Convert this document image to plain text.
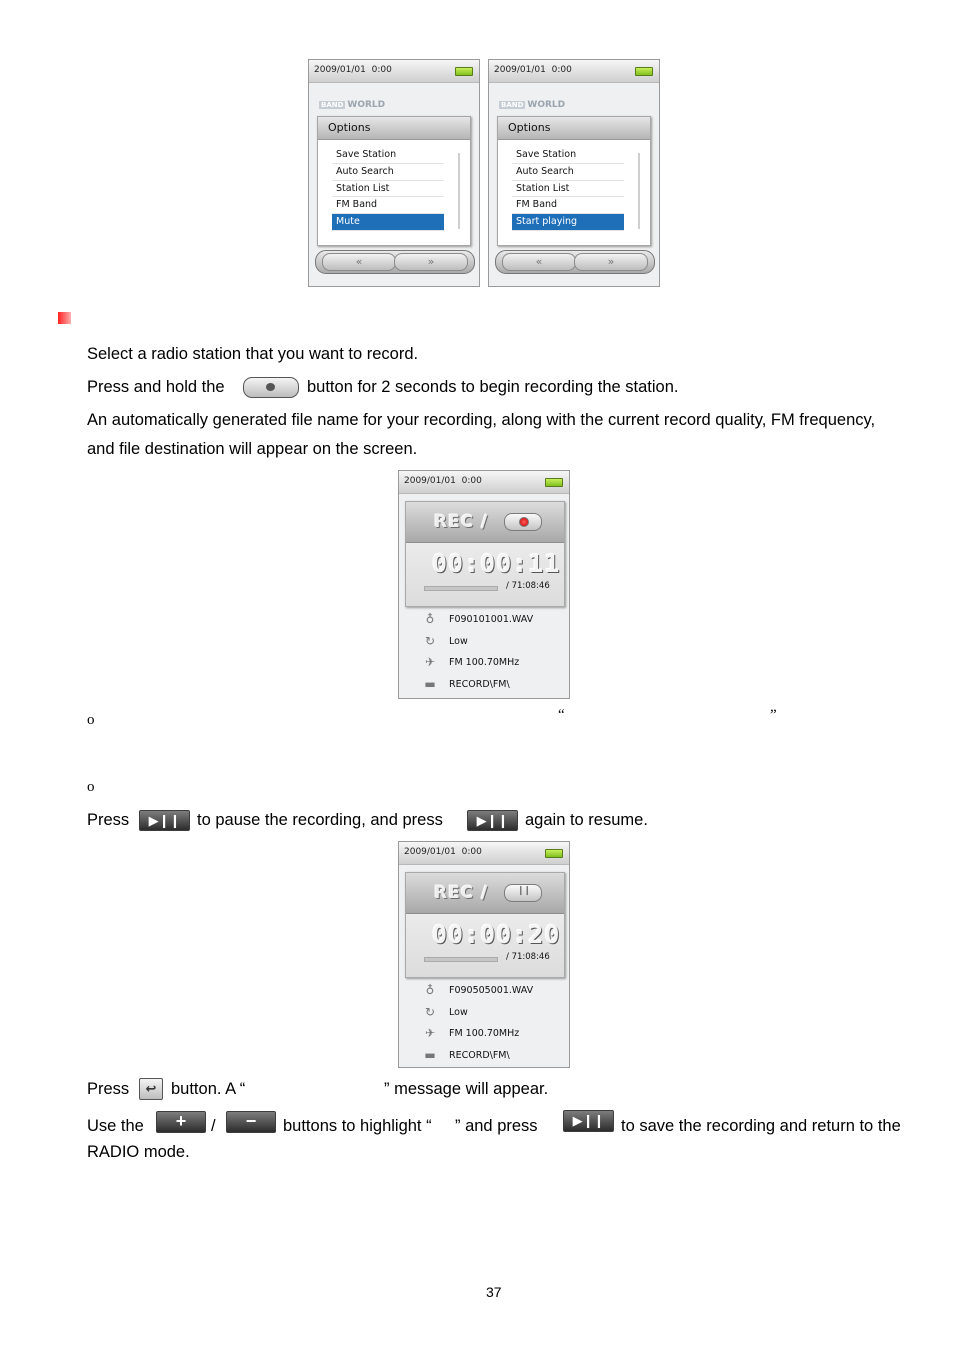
2009/01/01 0:00
BAND WORLD
Options
Save Station
Auto Search
Station List
FM Band
Mute
«	»
2009/01/01 0:00
BAND WORLD
Options
Save Station
Auto Search
Station List
FM Band
Start playing
«	»
Select a radio station that you want to record.
Press and hold the	button for 2 seconds to begin recording the station.
An automatically generated file name for your recording, along with the current record quality, FM frequency,
and file destination will appear on the screen.
2009/01/01 0:00
REC /
00:00:11
/ 71:08:46
♁ F090101001.WAV
↻ Low
✈ FM 100.70MHz
▬ RECORD\FM\
o	“	”
o
Press	▶❙❙	to pause the recording, and press	▶❙❙	again to resume.
2009/01/01 0:00
REC /	❙❙
00:00:20
/ 71:08:46
♁ F090505001.WAV
↻ Low
✈ FM 100.70MHz
▬ RECORD\FM\
Press	↩ button. A “	” message will appear.
Use the	+	/	−	buttons to highlight “ ” and press	▶❙❙	to save the recording and return to the
RADIO mode.
37
